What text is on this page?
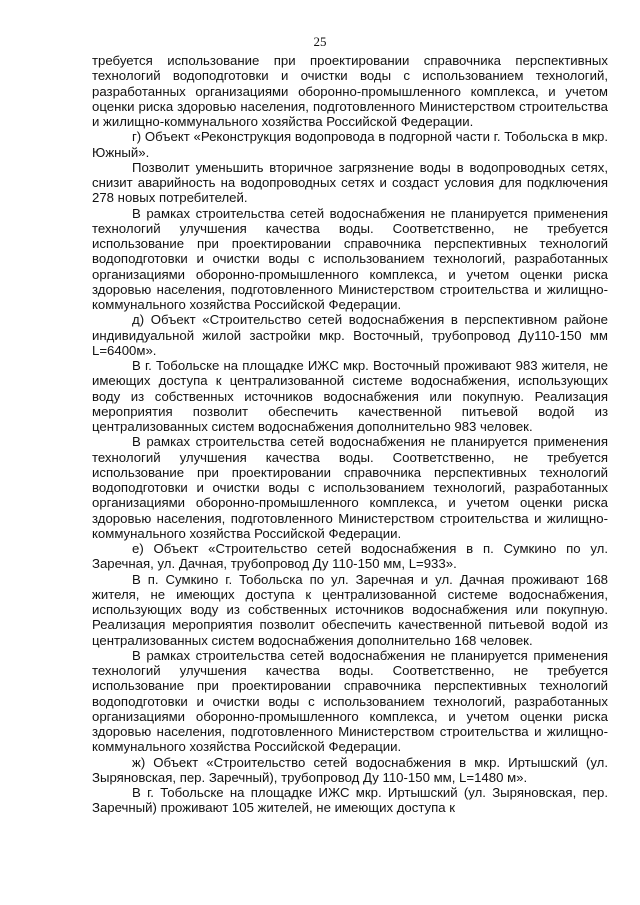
25

требуется использование при проектировании справочника перспективных технологий водоподготовки и очистки воды с использованием технологий, разработанных организациями оборонно-промышленного комплекса, и учетом оценки риска здоровью населения, подготовленного Министерством строительства и жилищно-коммунального хозяйства Российской Федерации.

г) Объект «Реконструкция водопровода в подгорной части г. Тобольска в мкр. Южный».

Позволит уменьшить вторичное загрязнение воды в водопроводных сетях, снизит аварийность на водопроводных сетях и создаст условия для подключения 278 новых потребителей.

В рамках строительства сетей водоснабжения не планируется применения технологий улучшения качества воды. Соответственно, не требуется использование при проектировании справочника перспективных технологий водоподготовки и очистки воды с использованием технологий, разработанных организациями оборонно-промышленного комплекса, и учетом оценки риска здоровью населения, подготовленного Министерством строительства и жилищно-коммунального хозяйства Российской Федерации.

д) Объект «Строительство сетей водоснабжения в перспективном районе индивидуальной жилой застройки мкр. Восточный, трубопровод Ду110-150 мм L=6400м».

В г. Тобольске на площадке ИЖС мкр. Восточный проживают 983 жителя, не имеющих доступа к централизованной системе водоснабжения, использующих воду из собственных источников водоснабжения или покупную. Реализация мероприятия позволит обеспечить качественной питьевой водой из централизованных систем водоснабжения дополнительно 983 человек.

В рамках строительства сетей водоснабжения не планируется применения технологий улучшения качества воды. Соответственно, не требуется использование при проектировании справочника перспективных технологий водоподготовки и очистки воды с использованием технологий, разработанных организациями оборонно-промышленного комплекса, и учетом оценки риска здоровью населения, подготовленного Министерством строительства и жилищно-коммунального хозяйства Российской Федерации.

е) Объект «Строительство сетей водоснабжения в п. Сумкино по ул. Заречная, ул. Дачная, трубопровод Ду 110-150 мм, L=933».

В п. Сумкино г. Тобольска по ул. Заречная и ул. Дачная проживают 168 жителя, не имеющих доступа к централизованной системе водоснабжения, использующих воду из собственных источников водоснабжения или покупную. Реализация мероприятия позволит обеспечить качественной питьевой водой из централизованных систем водоснабжения дополнительно 168 человек.

В рамках строительства сетей водоснабжения не планируется применения технологий улучшения качества воды. Соответственно, не требуется использование при проектировании справочника перспективных технологий водоподготовки и очистки воды с использованием технологий, разработанных организациями оборонно-промышленного комплекса, и учетом оценки риска здоровью населения, подготовленного Министерством строительства и жилищно-коммунального хозяйства Российской Федерации.

ж) Объект «Строительство сетей водоснабжения в мкр. Иртышский (ул. Зыряновская, пер. Заречный), трубопровод Ду 110-150 мм, L=1480 м».

В г. Тобольске на площадке ИЖС мкр. Иртышский (ул. Зыряновская, пер. Заречный) проживают 105 жителей, не имеющих доступа к
